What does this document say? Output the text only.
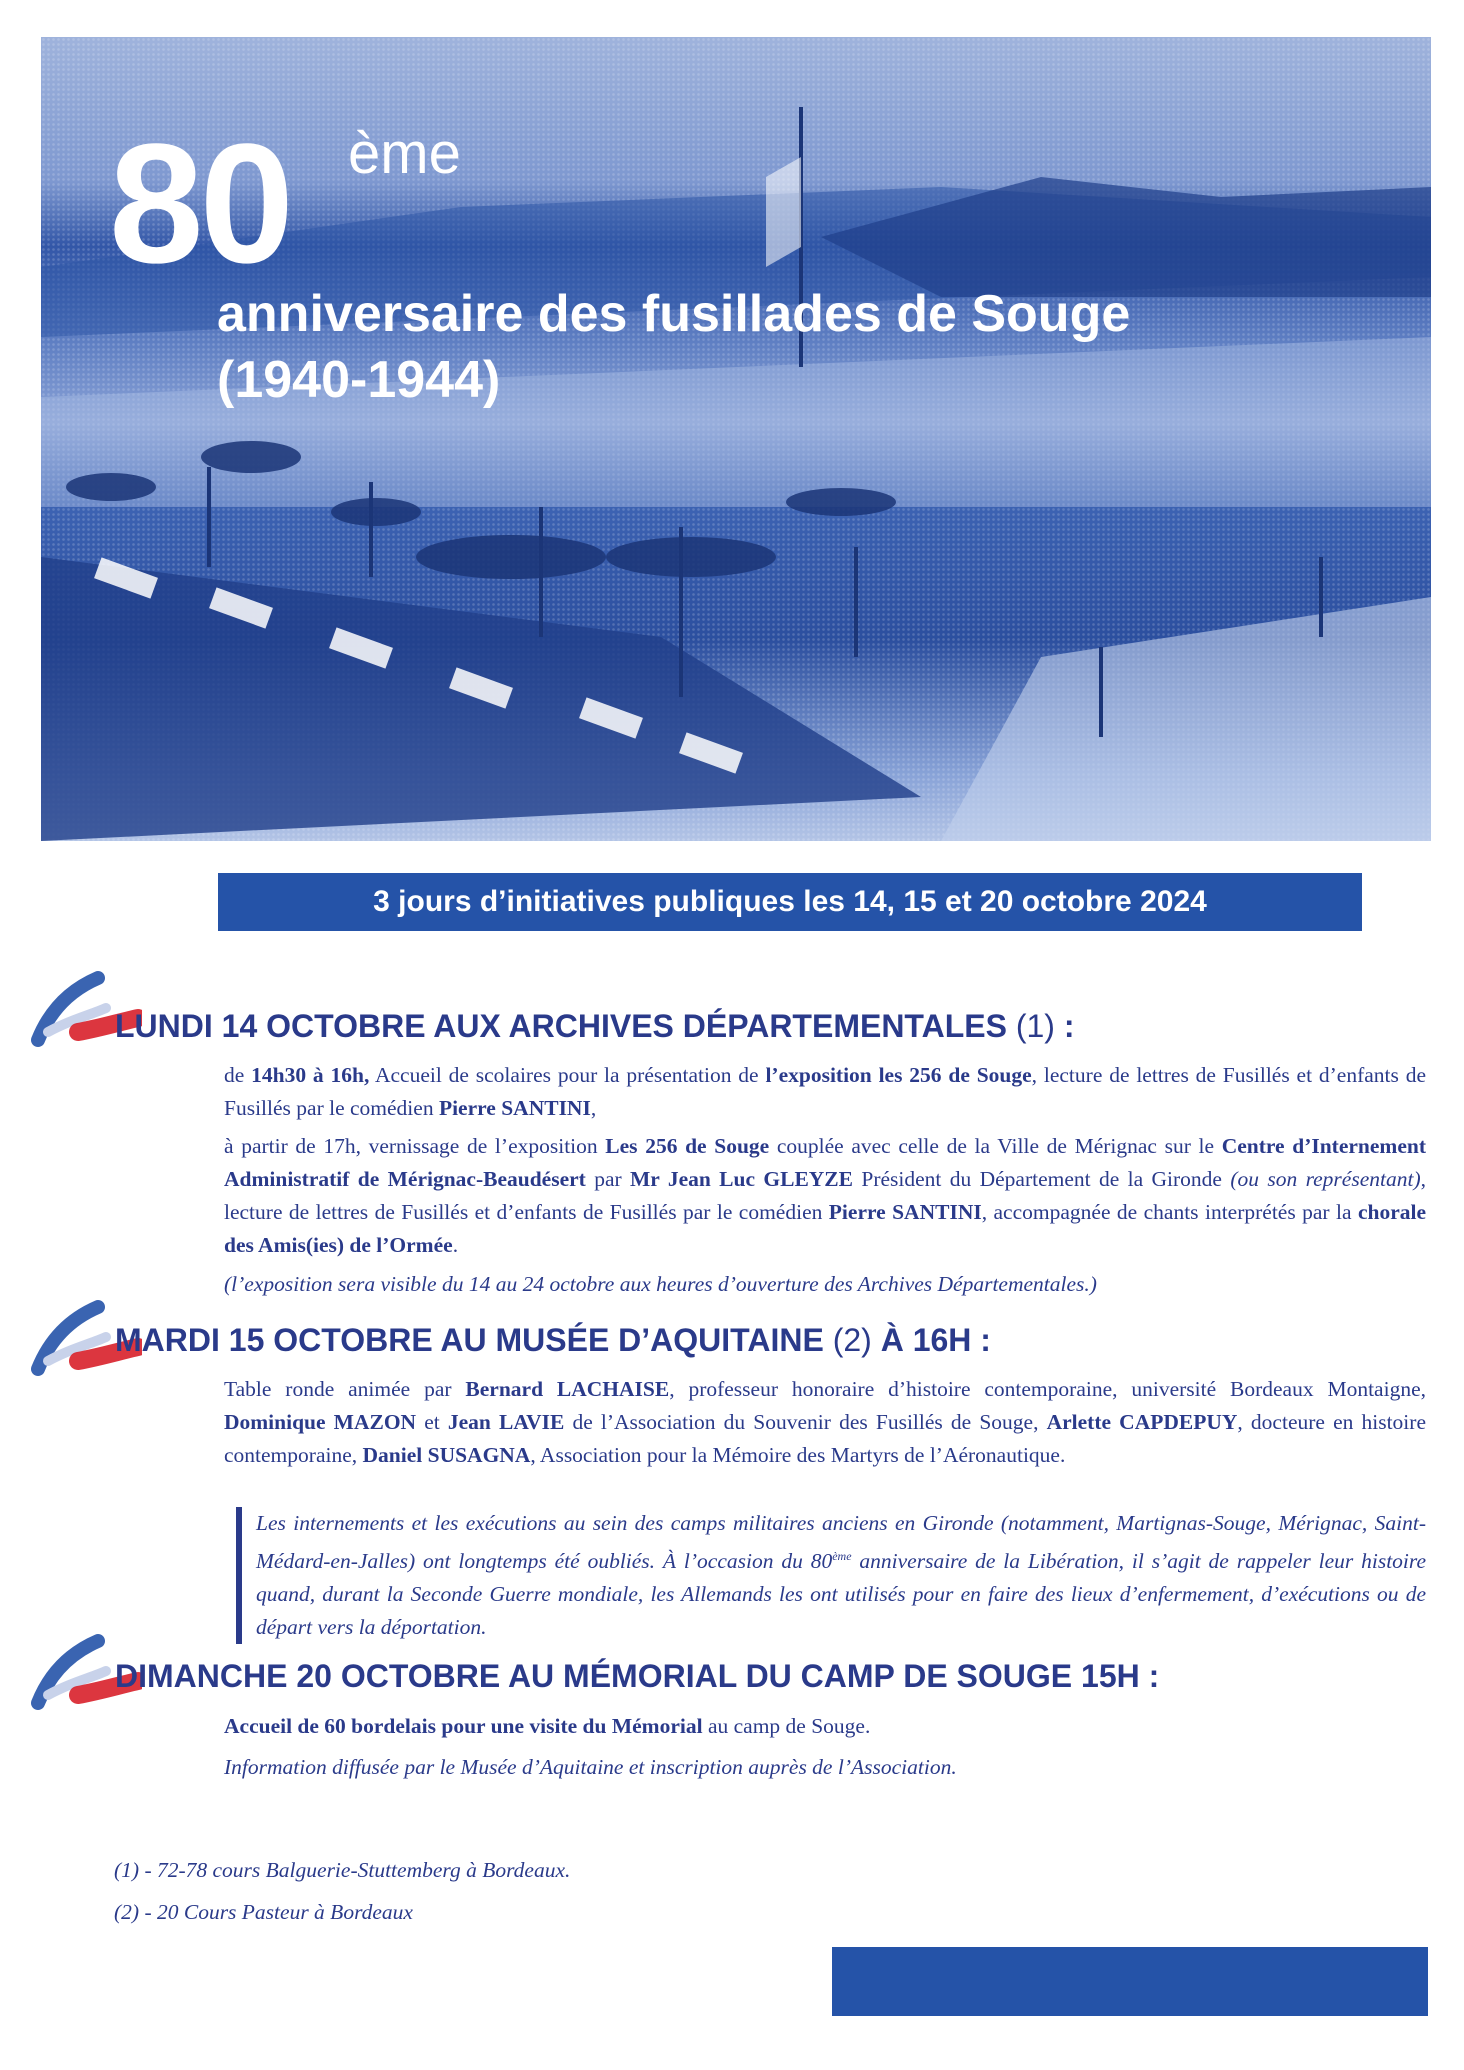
80 ème
anniversaire des fusillades de Souge
(1940-1944)
3 jours d’initiatives publiques les 14, 15 et 20 octobre 2024
LUNDI 14 OCTOBRE AUX ARCHIVES DÉPARTEMENTALES (1) :

de 14h30 à 16h, Accueil de scolaires pour la présentation de l’exposition les 256 de Souge, lecture de lettres de Fusillés et d’enfants de Fusillés par le comédien Pierre SANTINI,

à partir de 17h, vernissage de l’exposition Les 256 de Souge couplée avec celle de la Ville de Mérignac sur le Centre d’Internement Administratif de Mérignac-Beaudésert par Mr Jean Luc GLEYZE Président du Département de la Gironde (ou son représentant), lecture de lettres de Fusillés et d’enfants de Fusillés par le comédien Pierre SANTINI, accompagnée de chants interprétés par la chorale des Amis(ies) de l’Ormée.

(l’exposition sera visible du 14 au 24 octobre aux heures d’ouverture des Archives Départementales.)

MARDI 15 OCTOBRE AU MUSÉE D’AQUITAINE (2) À 16H :

Table ronde animée par Bernard LACHAISE, professeur honoraire d’histoire contemporaine, université Bordeaux Montaigne, Dominique MAZON et Jean LAVIE de l’Association du Souvenir des Fusillés de Souge, Arlette CAPDEPUY, docteure en histoire contemporaine, Daniel SUSAGNA, Association pour la Mémoire des Martyrs de l’Aéronautique.

Les internements et les exécutions au sein des camps militaires anciens en Gironde (notamment, Martignas-Souge, Mérignac, Saint-Médard-en-Jalles) ont longtemps été oubliés. À l’occasion du 80ème anniversaire de la Libération, il s’agit de rappeler leur histoire quand, durant la Seconde Guerre mondiale, les Allemands les ont utilisés pour en faire des lieux d’enfermement, d’exécutions ou de départ vers la déportation.

DIMANCHE 20 OCTOBRE AU MÉMORIAL DU CAMP DE SOUGE 15H :

Accueil de 60 bordelais pour une visite du Mémorial au camp de Souge.

Information diffusée par le Musée d’Aquitaine et inscription auprès de l’Association.

(1) - 72-78 cours Balguerie-Stuttemberg à Bordeaux.

(2) - 20 Cours Pasteur à Bordeaux
